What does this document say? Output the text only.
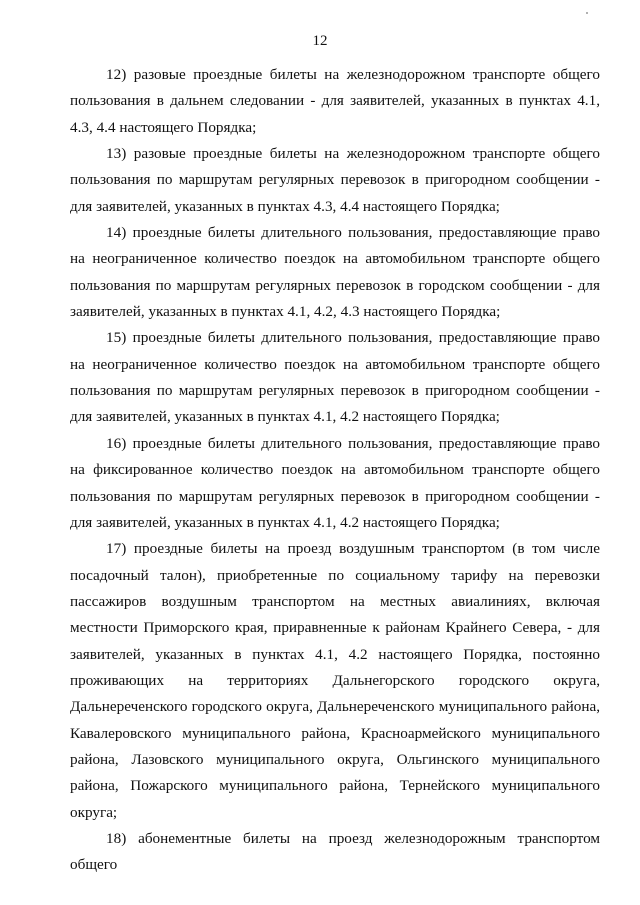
12

12) разовые проездные билеты на железнодорожном транспорте общего пользования в дальнем следовании - для заявителей, указанных в пунктах 4.1, 4.3, 4.4 настоящего Порядка;

13) разовые проездные билеты на железнодорожном транспорте общего пользования по маршрутам регулярных перевозок в пригородном сообщении - для заявителей, указанных в пунктах 4.3, 4.4 настоящего Порядка;

14) проездные билеты длительного пользования, предоставляющие право на неограниченное количество поездок на автомобильном транспорте общего пользования по маршрутам регулярных перевозок в городском сообщении - для заявителей, указанных в пунктах 4.1, 4.2, 4.3 настоящего Порядка;

15) проездные билеты длительного пользования, предоставляющие право на неограниченное количество поездок на автомобильном транспорте общего пользования по маршрутам регулярных перевозок в пригородном сообщении - для заявителей, указанных в пунктах 4.1, 4.2 настоящего Порядка;

16) проездные билеты длительного пользования, предоставляющие право на фиксированное количество поездок на автомобильном транспорте общего пользования по маршрутам регулярных перевозок в пригородном сообщении - для заявителей, указанных в пунктах 4.1, 4.2 настоящего Порядка;

17) проездные билеты на проезд воздушным транспортом (в том числе посадочный талон), приобретенные по социальному тарифу на перевозки пассажиров воздушным транспортом на местных авиалиниях, включая местности Приморского края, приравненные к районам Крайнего Севера, - для заявителей, указанных в пунктах 4.1, 4.2 настоящего Порядка, постоянно проживающих на территориях Дальнегорского городского округа, Дальнереченского городского округа, Дальнереченского муниципального района, Кавалеровского муниципального района, Красноармейского муниципального района, Лазовского муниципального округа, Ольгинского муниципального района, Пожарского муниципального района, Тернейского муниципального округа;

18) абонементные билеты на проезд железнодорожным транспортом общего
